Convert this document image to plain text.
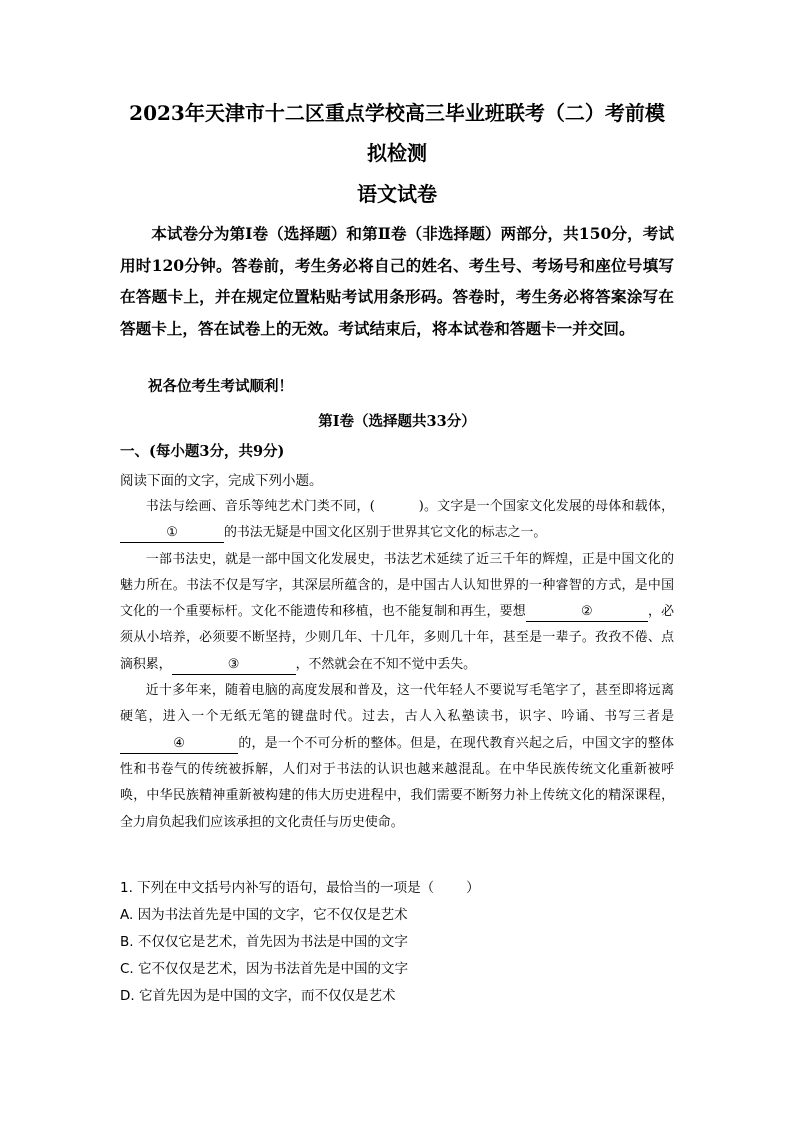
2023年天津市十二区重点学校高三毕业班联考（二）考前模拟检测
语文试卷

本试卷分为第Ⅰ卷（选择题）和第Ⅱ卷（非选择题）两部分，共150分，考试用时120分钟。答卷前，考生务必将自己的姓名、考生号、考场号和座位号填写在答题卡上，并在规定位置粘贴考试用条形码。答卷时，考生务必将答案涂写在答题卡上，答在试卷上的无效。考试结束后，将本试卷和答题卡一并交回。

祝各位考生考试顺利！
第Ⅰ卷（选择题共33分）
一、(每小题3分，共9分)
阅读下面的文字，完成下列小题。

书法与绘画、音乐等纯艺术门类不同，(	)。文字是一个国家文化发展的母体和载体，①	的书法无疑是中国文化区别于世界其它文化的标志之一。

一部书法史，就是一部中国文化发展史，书法艺术延续了近三千年的辉煌，正是中国文化的魅力所在。书法不仅是写字，其深层所蕴含的，是中国古人认知世界的一种睿智的方式，是中国文化的一个重要标杆。文化不能遗传和移植，也不能复制和再生，要想	②	，必须从小培养，必须要不断坚持，少则几年、十几年，多则几十年，甚至是一辈子。孜孜不倦、点滴积累，	③	，不然就会在不知不觉中丢失。

近十多年来，随着电脑的高度发展和普及，这一代年轻人不要说写毛笔字了，甚至即将远离硬笔，进入一个无纸无笔的键盘时代。过去，古人入私塾读书，识字、吟诵、书写三者是④	的，是一个不可分析的整体。但是，在现代教育兴起之后，中国文字的整体性和书卷气的传统被拆解，人们对于书法的认识也越来越混乱。在中华民族传统文化重新被呼唤，中华民族精神重新被构建的伟大历史进程中，我们需要不断努力补上传统文化的精深课程，全力肩负起我们应该承担的文化责任与历史使命。

1. 下列在中文括号内补写的语句，最恰当的一项是（ ）
A. 因为书法首先是中国的文字，它不仅仅是艺术
B. 不仅仅它是艺术，首先因为书法是中国的文字
C. 它不仅仅是艺术，因为书法首先是中国的文字
D. 它首先因为是中国的文字，而不仅仅是艺术
